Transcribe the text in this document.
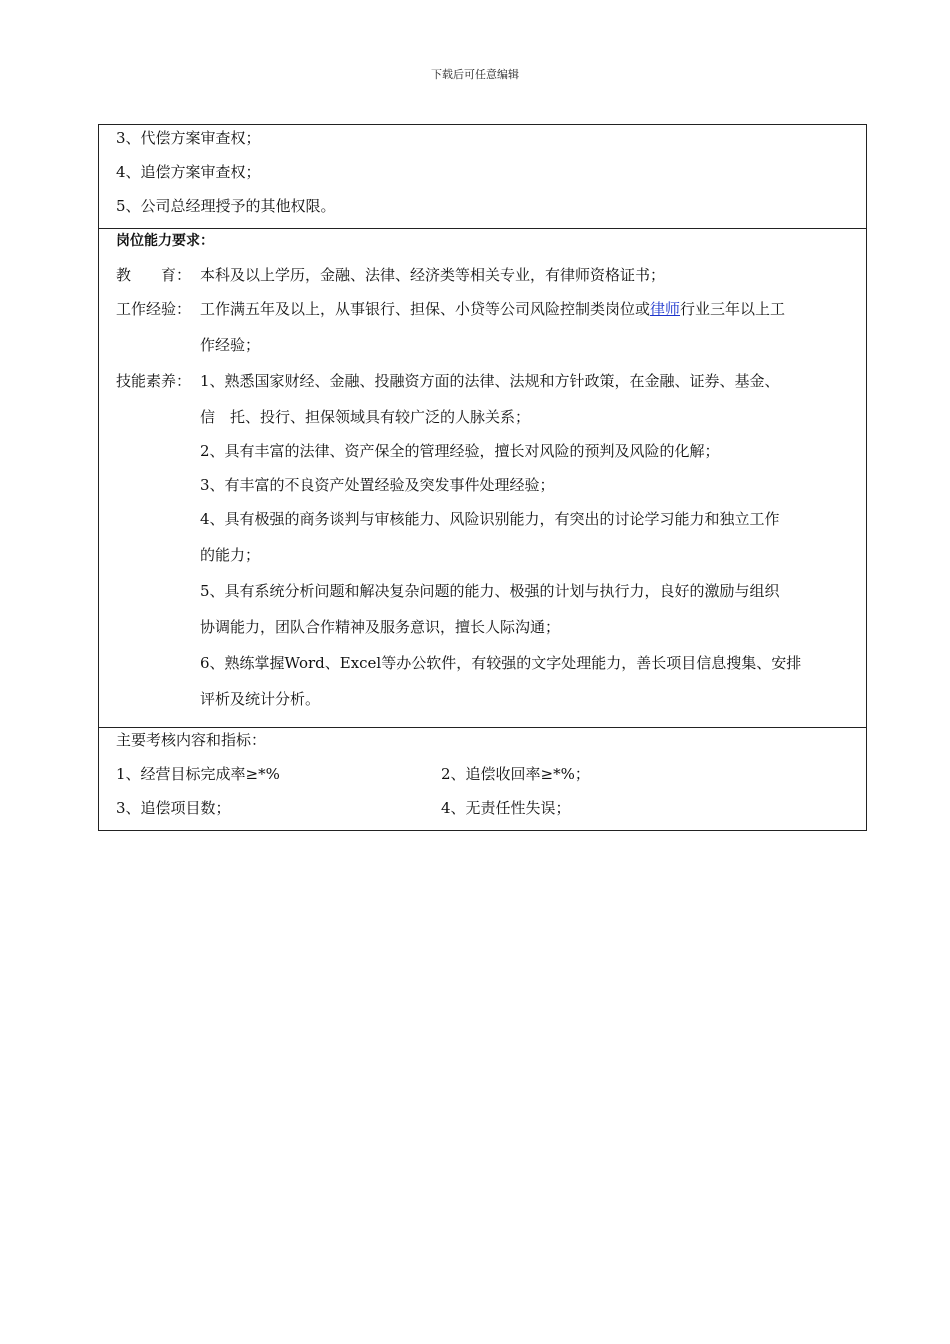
下载后可任意编辑
3、代偿方案审查权；
4、追偿方案审查权；
5、公司总经理授予的其他权限。
岗位能力要求：
教　　育： 本科及以上学历，金融、法律、经济类等相关专业，有律师资格证书；
工作经验： 工作满五年及以上，从事银行、担保、小贷等公司风险控制类岗位或律师行业三年以上工
作经验；
技能素养： 1、熟悉国家财经、金融、投融资方面的法律、法规和方针政策，在金融、证券、基金、
信　托、投行、担保领域具有较广泛的人脉关系；
2、具有丰富的法律、资产保全的管理经验，擅长对风险的预判及风险的化解；
3、有丰富的不良资产处置经验及突发事件处理经验；
4、具有极强的商务谈判与审核能力、风险识别能力，有突出的讨论学习能力和独立工作
的能力；
5、具有系统分析问题和解决复杂问题的能力、极强的计划与执行力，良好的激励与组织
协调能力，团队合作精神及服务意识，擅长人际沟通；
6、熟练掌握Word、Excel等办公软件，有较强的文字处理能力，善长项目信息搜集、安排
评析及统计分析。
主要考核内容和指标：
1、经营目标完成率≥*%	2、追偿收回率≥*%；
3、追偿项目数；	4、无责任性失误；
